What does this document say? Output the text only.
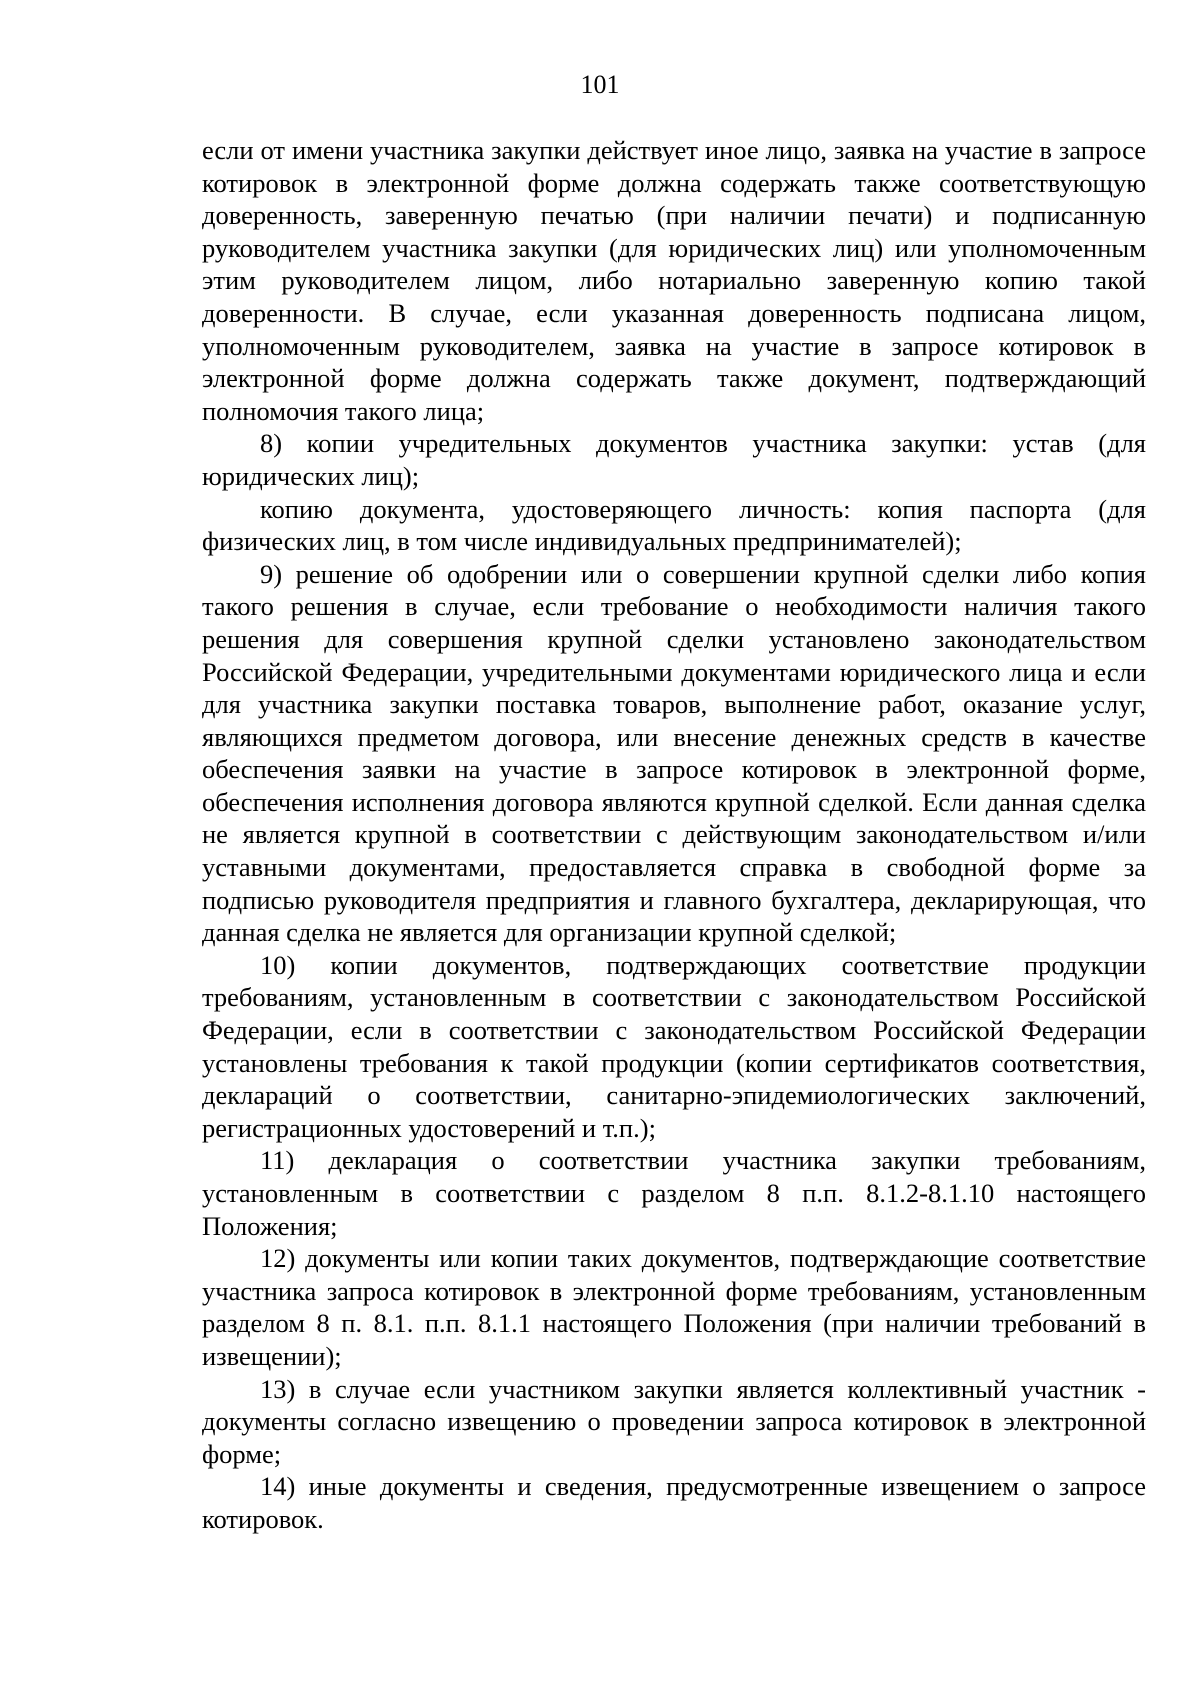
101

если от имени участника закупки действует иное лицо, заявка на участие в запросе котировок в электронной форме должна содержать также соответствующую доверенность, заверенную печатью (при наличии печати) и подписанную руководителем участника закупки (для юридических лиц) или уполномоченным этим руководителем лицом, либо нотариально заверенную копию такой доверенности. В случае, если указанная доверенность подписана лицом, уполномоченным руководителем, заявка на участие в запросе котировок в электронной форме должна содержать также документ, подтверждающий полномочия такого лица;

8) копии учредительных документов участника закупки: устав (для юридических лиц);

копию документа, удостоверяющего личность: копия паспорта (для физических лиц, в том числе индивидуальных предпринимателей);

9) решение об одобрении или о совершении крупной сделки либо копия такого решения в случае, если требование о необходимости наличия такого решения для совершения крупной сделки установлено законодательством Российской Федерации, учредительными документами юридического лица и если для участника закупки поставка товаров, выполнение работ, оказание услуг, являющихся предметом договора, или внесение денежных средств в качестве обеспечения заявки на участие в запросе котировок в электронной форме, обеспечения исполнения договора являются крупной сделкой. Если данная сделка не является крупной в соответствии с действующим законодательством и/или уставными документами, предоставляется справка в свободной форме за подписью руководителя предприятия и главного бухгалтера, декларирующая, что данная сделка не является для организации крупной сделкой;

10) копии документов, подтверждающих соответствие продукции требованиям, установленным в соответствии с законодательством Российской Федерации, если в соответствии с законодательством Российской Федерации установлены требования к такой продукции (копии сертификатов соответствия, деклараций о соответствии, санитарно-эпидемиологических заключений, регистрационных удостоверений и т.п.);

11) декларация о соответствии участника закупки требованиям, установленным в соответствии с разделом 8 п.п. 8.1.2-8.1.10 настоящего Положения;

12) документы или копии таких документов, подтверждающие соответствие участника запроса котировок в электронной форме требованиям, установленным разделом 8 п. 8.1. п.п. 8.1.1 настоящего Положения (при наличии требований в извещении);

13) в случае если участником закупки является коллективный участник - документы согласно извещению о проведении запроса котировок в электронной форме;

14) иные документы и сведения, предусмотренные извещением о запросе котировок.
